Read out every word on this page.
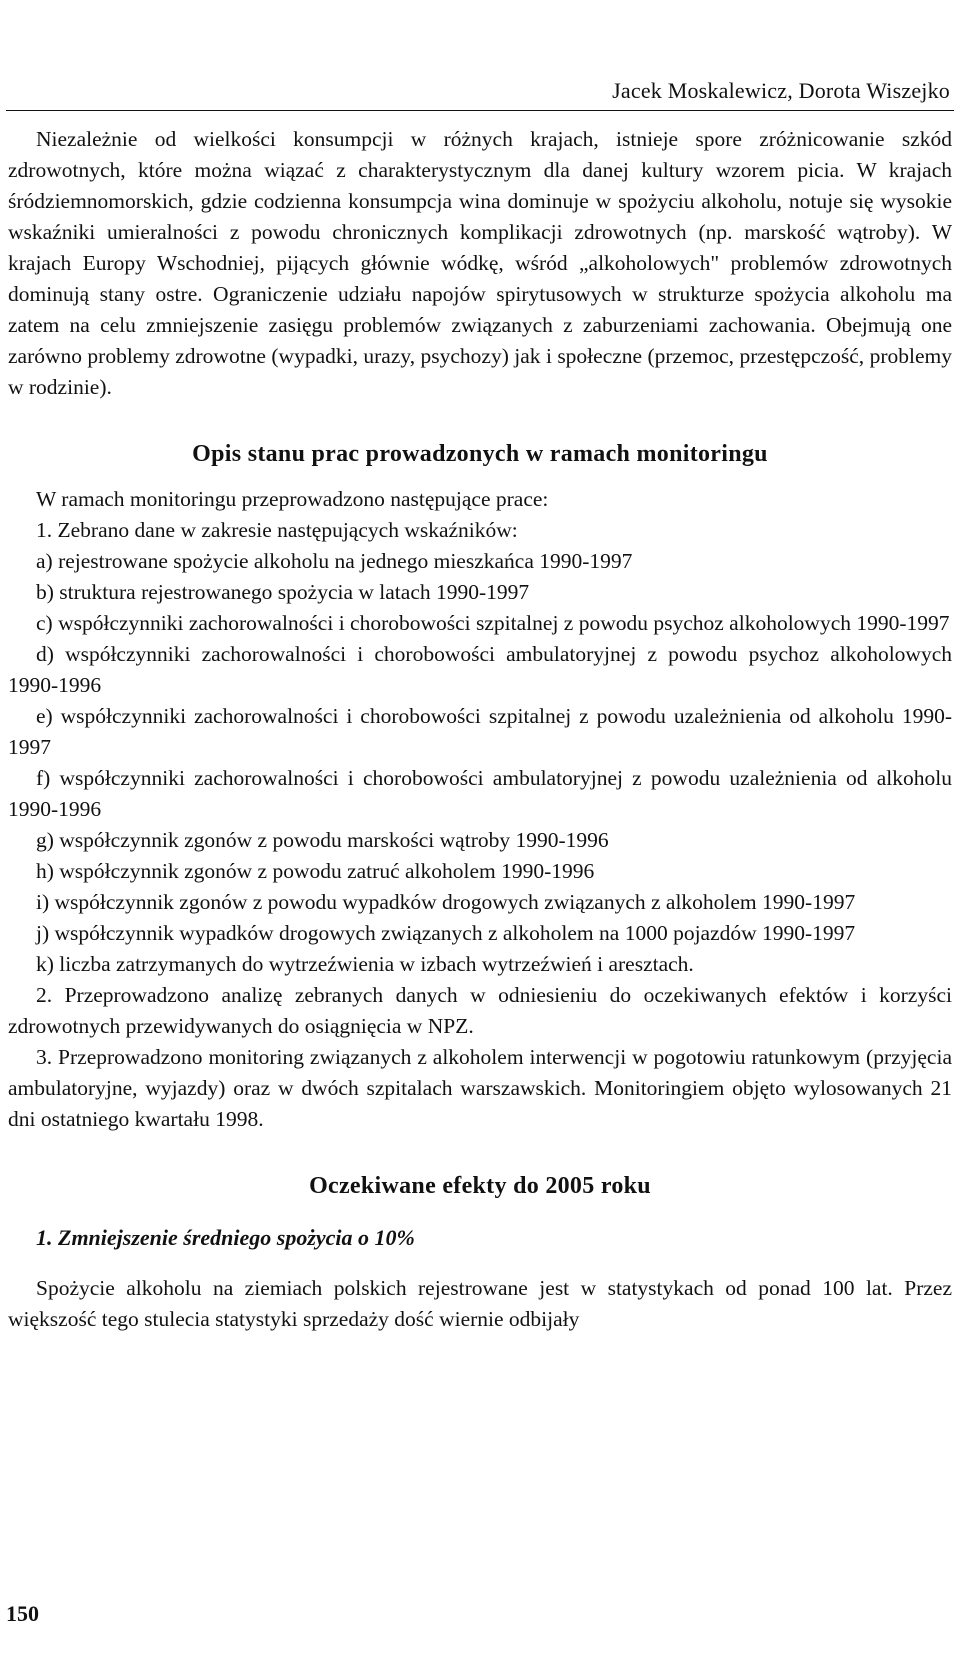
Jacek Moskalewicz, Dorota Wiszejko

Niezależnie od wielkości konsumpcji w różnych krajach, istnieje spore zróżnicowanie szkód zdrowotnych, które można wiązać z charakterystycznym dla danej kultury wzorem picia. W krajach śródziemnomorskich, gdzie codzienna konsumpcja wina dominuje w spożyciu alkoholu, notuje się wysokie wskaźniki umieralności z powodu chronicznych komplikacji zdrowotnych (np. marskość wątroby). W krajach Europy Wschodniej, pijących głównie wódkę, wśród „alkoholowych" problemów zdrowotnych dominują stany ostre. Ograniczenie udziału napojów spirytusowych w strukturze spożycia alkoholu ma zatem na celu zmniejszenie zasięgu problemów związanych z zaburzeniami zachowania. Obejmują one zarówno problemy zdrowotne (wypadki, urazy, psychozy) jak i społeczne (przemoc, przestępczość, problemy w rodzinie).

Opis stanu prac prowadzonych w ramach monitoringu

W ramach monitoringu przeprowadzono następujące prace:

1. Zebrano dane w zakresie następujących wskaźników:

a) rejestrowane spożycie alkoholu na jednego mieszkańca 1990-1997

b) struktura rejestrowanego spożycia w latach 1990-1997

c) współczynniki zachorowalności i chorobowości szpitalnej z powodu psychoz alkoholowych 1990-1997

d) współczynniki zachorowalności i chorobowości ambulatoryjnej z powodu psychoz alkoholowych 1990-1996

e) współczynniki zachorowalności i chorobowości szpitalnej z powodu uzależnienia od alkoholu 1990-1997

f) współczynniki zachorowalności i chorobowości ambulatoryjnej z powodu uzależnienia od alkoholu 1990-1996

g) współczynnik zgonów z powodu marskości wątroby 1990-1996

h) współczynnik zgonów z powodu zatruć alkoholem 1990-1996

i) współczynnik zgonów z powodu wypadków drogowych związanych z alkoholem 1990-1997

j) współczynnik wypadków drogowych związanych z alkoholem na 1000 pojazdów 1990-1997

k) liczba zatrzymanych do wytrzeźwienia w izbach wytrzeźwień i aresztach.

2. Przeprowadzono analizę zebranych danych w odniesieniu do oczekiwanych efektów i korzyści zdrowotnych przewidywanych do osiągnięcia w NPZ.

3. Przeprowadzono monitoring związanych z alkoholem interwencji w pogotowiu ratunkowym (przyjęcia ambulatoryjne, wyjazdy) oraz w dwóch szpitalach warszawskich. Monitoringiem objęto wylosowanych 21 dni ostatniego kwartału 1998.

Oczekiwane efekty do 2005 roku
1. Zmniejszenie średniego spożycia o 10%

Spożycie alkoholu na ziemiach polskich rejestrowane jest w statystykach od ponad 100 lat. Przez większość tego stulecia statystyki sprzedaży dość wiernie odbijały

150
